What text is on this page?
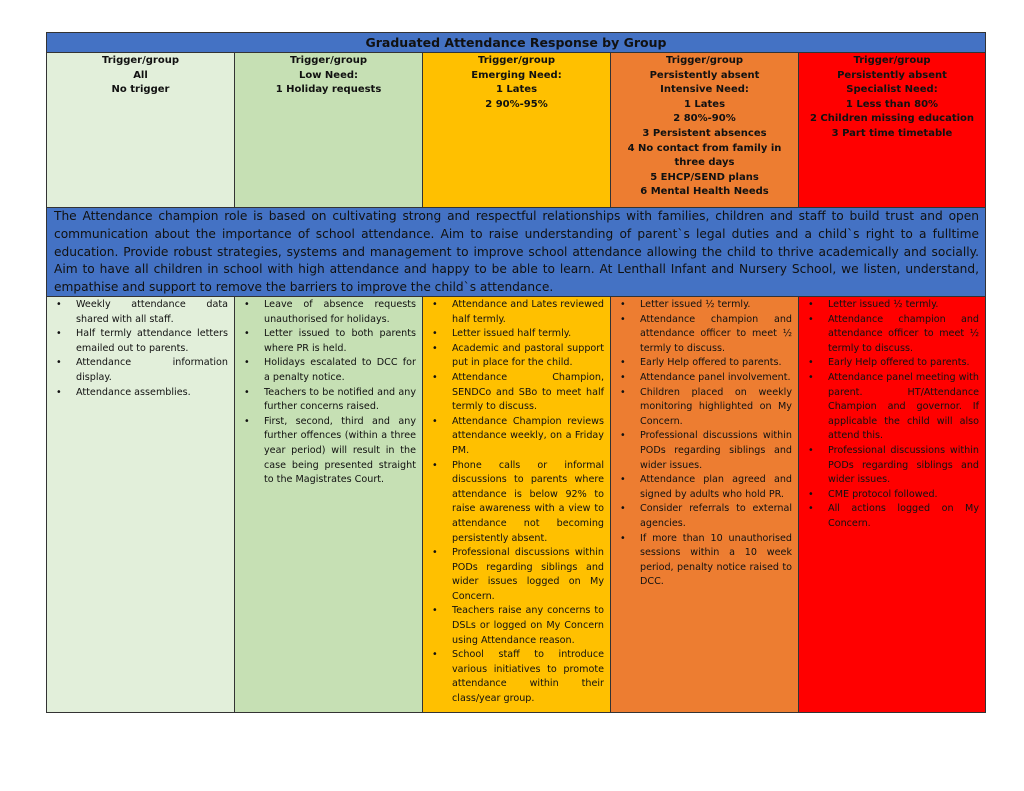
Graduated Attendance Response by Group
Trigger/group
All
No trigger
Trigger/group
Low Need:
1 Holiday requests
Trigger/group
Emerging Need:
1 Lates
2 90%-95%
Trigger/group
Persistently absent
Intensive Need:
1 Lates
2 80%-90%
3 Persistent absences
4 No contact from family in three days
5 EHCP/SEND plans
6 Mental Health Needs
Trigger/group
Persistently absent
Specialist Need:
1 Less than 80%
2 Children missing education
3 Part time timetable
The Attendance champion role is based on cultivating strong and respectful relationships with families, children and staff to build trust and open communication about the importance of school attendance. Aim to raise understanding of parent`s legal duties and a child`s right to a fulltime education. Provide robust strategies, systems and management to improve school attendance allowing the child to thrive academically and socially. Aim to have all children in school with high attendance and happy to be able to learn. At Lenthall Infant and Nursery School, we listen, understand, empathise and support to remove the barriers to improve the child`s attendance.
• Weekly attendance data shared with all staff.
• Half termly attendance letters emailed out to parents.
• Attendance information display.
• Attendance assemblies.
• Leave of absence requests unauthorised for holidays.
• Letter issued to both parents where PR is held.
• Holidays escalated to DCC for a penalty notice.
• Teachers to be notified and any further concerns raised.
• First, second, third and any further offences (within a three year period) will result in the case being presented straight to the Magistrates Court.
• Attendance and Lates reviewed half termly.
• Letter issued half termly.
• Academic and pastoral support put in place for the child.
• Attendance Champion, SENDCo and SBo to meet half termly to discuss.
• Attendance Champion reviews attendance weekly, on a Friday PM.
• Phone calls or informal discussions to parents where attendance is below 92% to raise awareness with a view to attendance not becoming persistently absent.
• Professional discussions within PODs regarding siblings and wider issues logged on My Concern.
• Teachers raise any concerns to DSLs or logged on My Concern using Attendance reason.
• School staff to introduce various initiatives to promote attendance within their class/year group.
• Letter issued ½ termly.
• Attendance champion and attendance officer to meet ½ termly to discuss.
• Early Help offered to parents.
• Attendance panel involvement.
• Children placed on weekly monitoring highlighted on My Concern.
• Professional discussions within PODs regarding siblings and wider issues.
• Attendance plan agreed and signed by adults who hold PR.
• Consider referrals to external agencies.
• If more than 10 unauthorised sessions within a 10 week period, penalty notice raised to DCC.
• Letter issued ½ termly.
• Attendance champion and attendance officer to meet ½ termly to discuss.
• Early Help offered to parents.
• Attendance panel meeting with parent. HT/Attendance Champion and governor. If applicable the child will also attend this.
• Professional discussions within PODs regarding siblings and wider issues.
• CME protocol followed.
• All actions logged on My Concern.
